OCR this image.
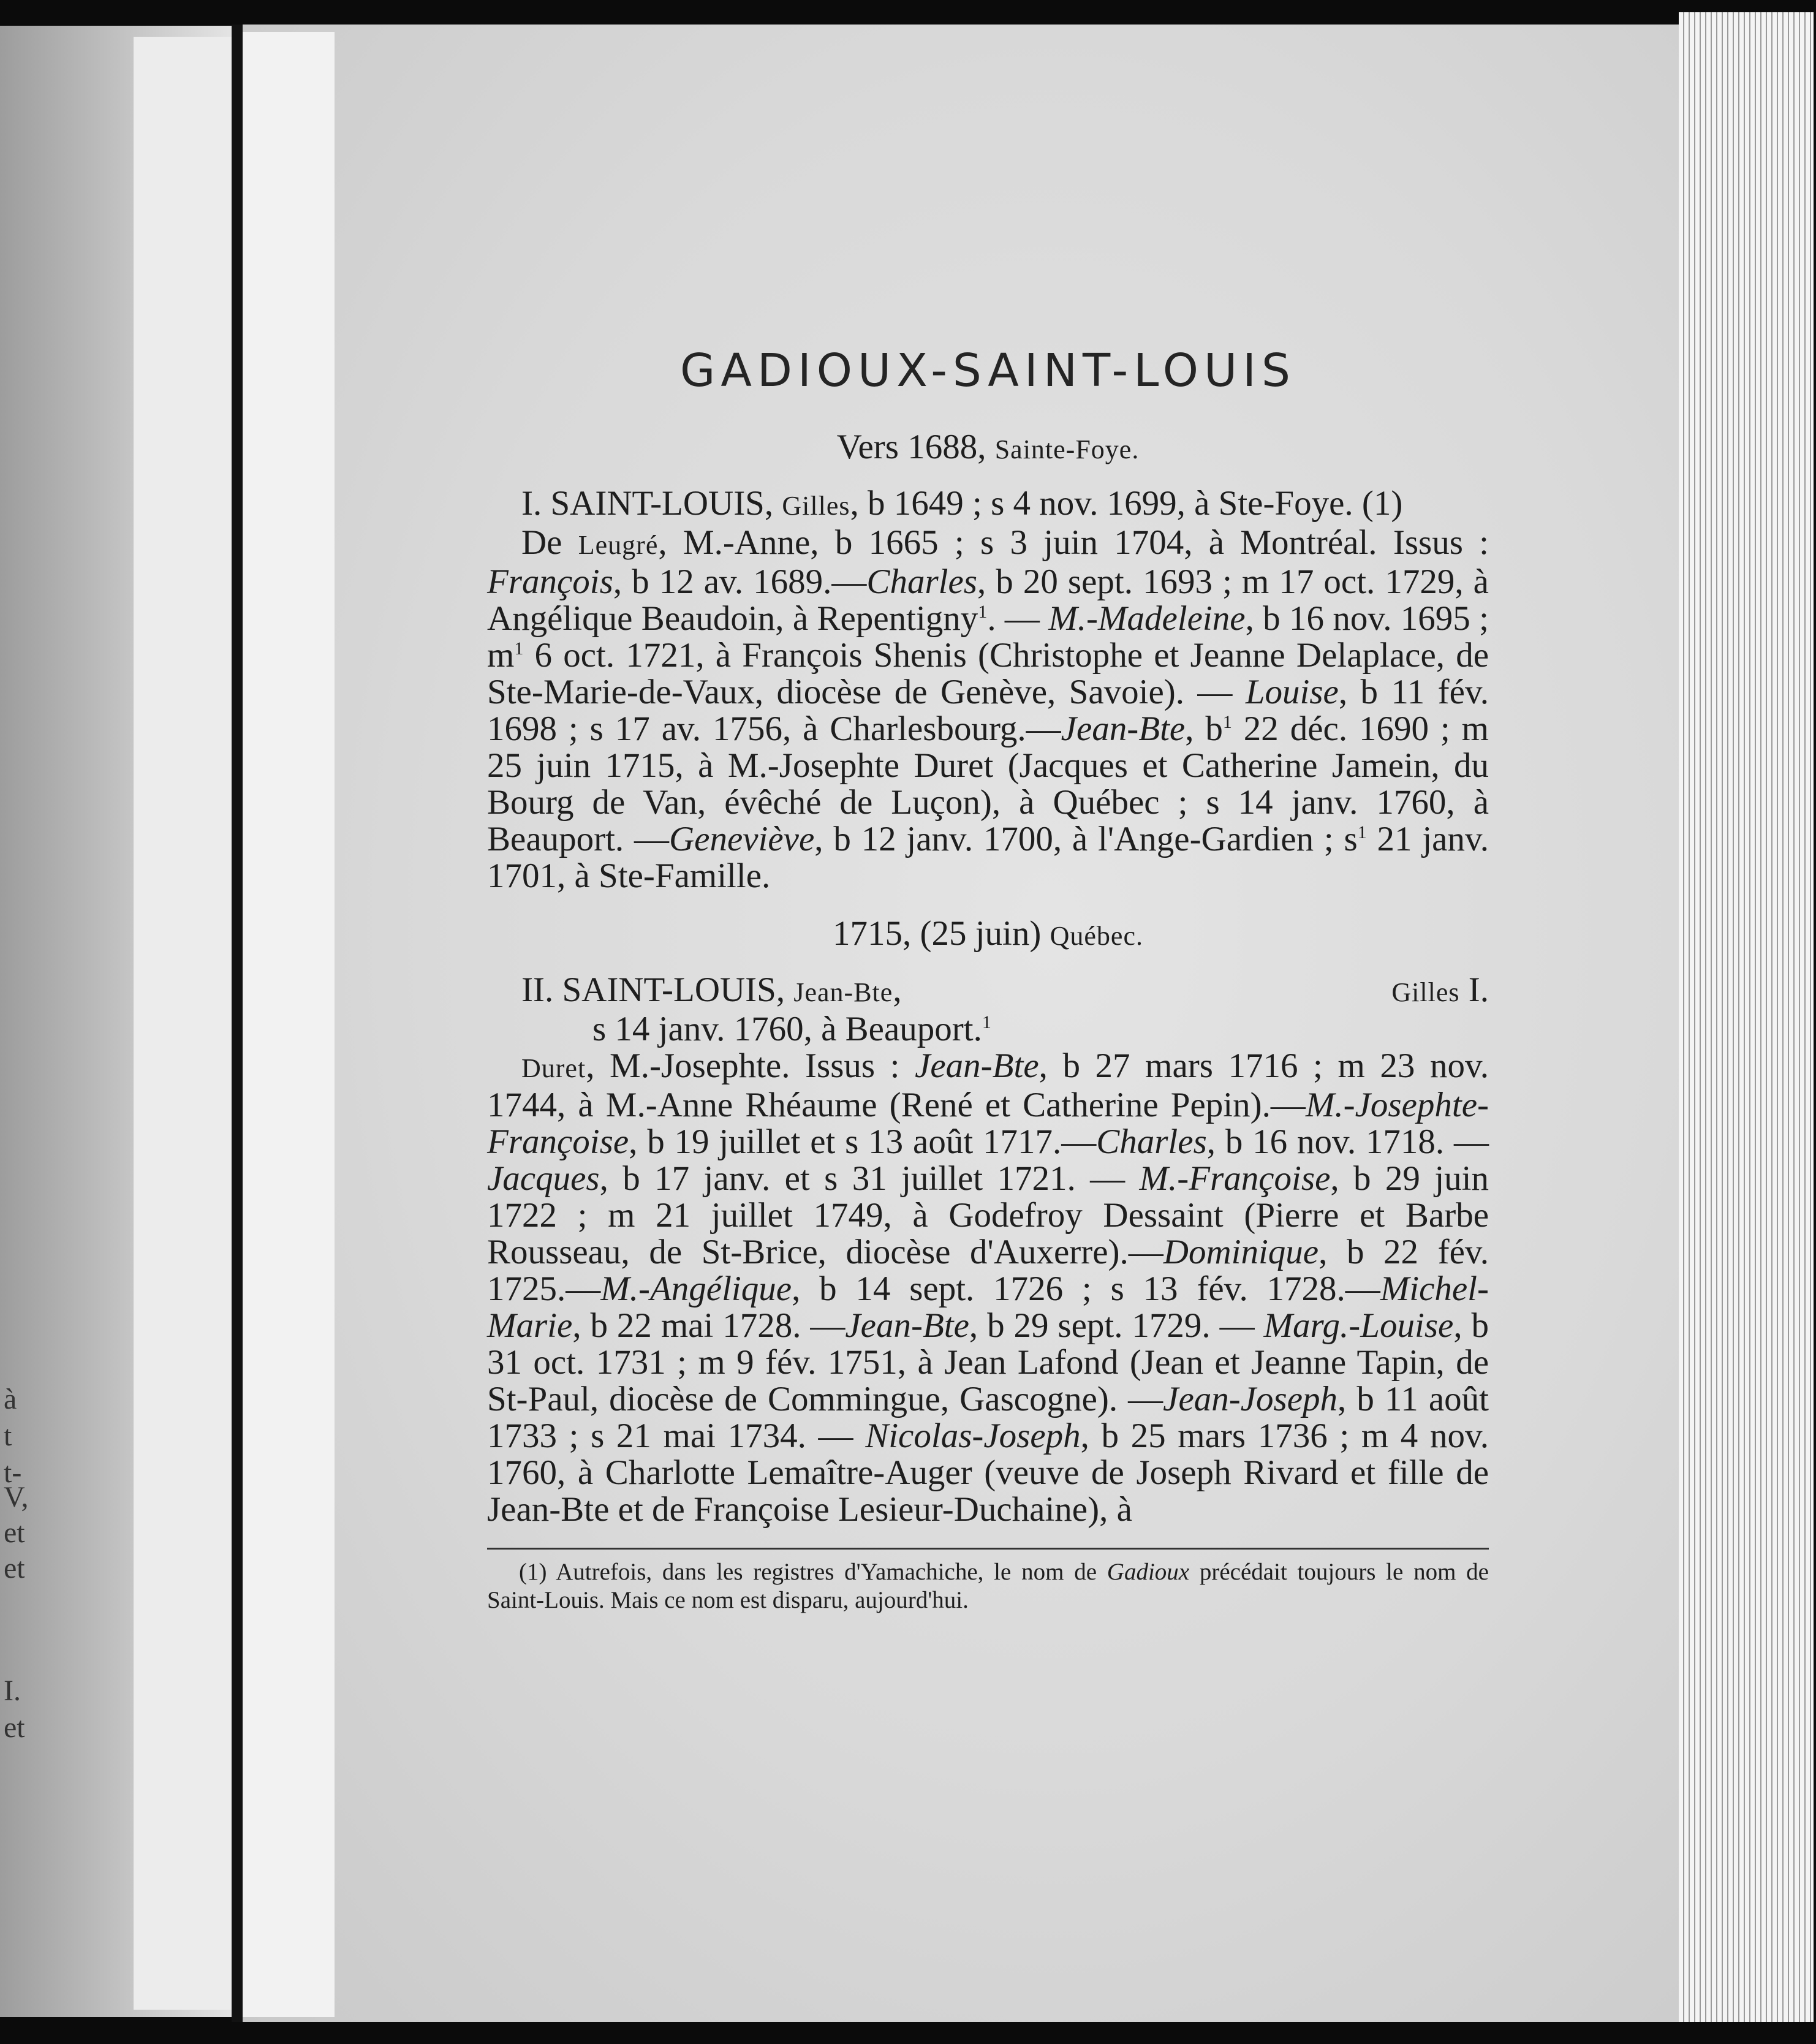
à
t
t-
V,
et
et
I.
et
GADIOUX-SAINT-LOUIS
Vers 1688, Sainte-Foye.

I. SAINT-LOUIS, Gilles, b 1649 ; s 4 nov. 1699, à Ste-Foye. (1)

De Leugré, M.-Anne, b 1665 ; s 3 juin 1704, à Montréal. Issus : François, b 12 av. 1689.—Charles, b 20 sept. 1693 ; m 17 oct. 1729, à Angélique Beaudoin, à Repentigny$^1$. — M.-Madeleine, b 16 nov. 1695 ; $m^1$ 6 oct. 1721, à François Shenis (Christophe et Jeanne Delaplace, de Ste-Marie-de-Vaux, diocèse de Genève, Savoie). — Louise, b 11 fév. 1698 ; s 17 av. 1756, à Charlesbourg.—Jean-Bte, $b^1$ 22 déc. 1690 ; m 25 juin 1715, à M.-Josephte Duret (Jacques et Catherine Jamein, du Bourg de Van, évêché de Luçon), à Québec ; s 14 janv. 1760, à Beauport. —Geneviève, b 12 janv. 1700, à l'Ange-Gardien ; $s^1$ 21 janv. 1701, à Ste-Famille.

1715, (25 juin) Québec.
II. SAINT-LOUIS, Jean-Bte,	Gilles I.
s 14 janv. 1760, à Beauport.$^1$

Duret, M.-Josephte. Issus : Jean-Bte, b 27 mars 1716 ; m 23 nov. 1744, à M.-Anne Rhéaume (René et Catherine Pepin).—M.-Josephte-Françoise, b 19 juillet et s 13 août 1717.—Charles, b 16 nov. 1718. —Jacques, b 17 janv. et s 31 juillet 1721. — M.-Françoise, b 29 juin 1722 ; m 21 juillet 1749, à Godefroy Dessaint (Pierre et Barbe Rousseau, de St-Brice, diocèse d'Auxerre).—Dominique, b 22 fév. 1725.—M.-Angélique, b 14 sept. 1726 ; s 13 fév. 1728.—Michel-Marie, b 22 mai 1728. —Jean-Bte, b 29 sept. 1729. — Marg.-Louise, b 31 oct. 1731 ; m 9 fév. 1751, à Jean Lafond (Jean et Jeanne Tapin, de St-Paul, diocèse de Commingue, Gascogne). —Jean-Joseph, b 11 août 1733 ; s 21 mai 1734. — Nicolas-Joseph, b 25 mars 1736 ; m 4 nov. 1760, à Charlotte Lemaître-Auger (veuve de Joseph Rivard et fille de Jean-Bte et de Françoise Lesieur-Duchaine), à

(1) Autrefois, dans les registres d'Yamachiche, le nom de Gadioux précédait toujours le nom de Saint-Louis. Mais ce nom est disparu, aujourd'hui.
